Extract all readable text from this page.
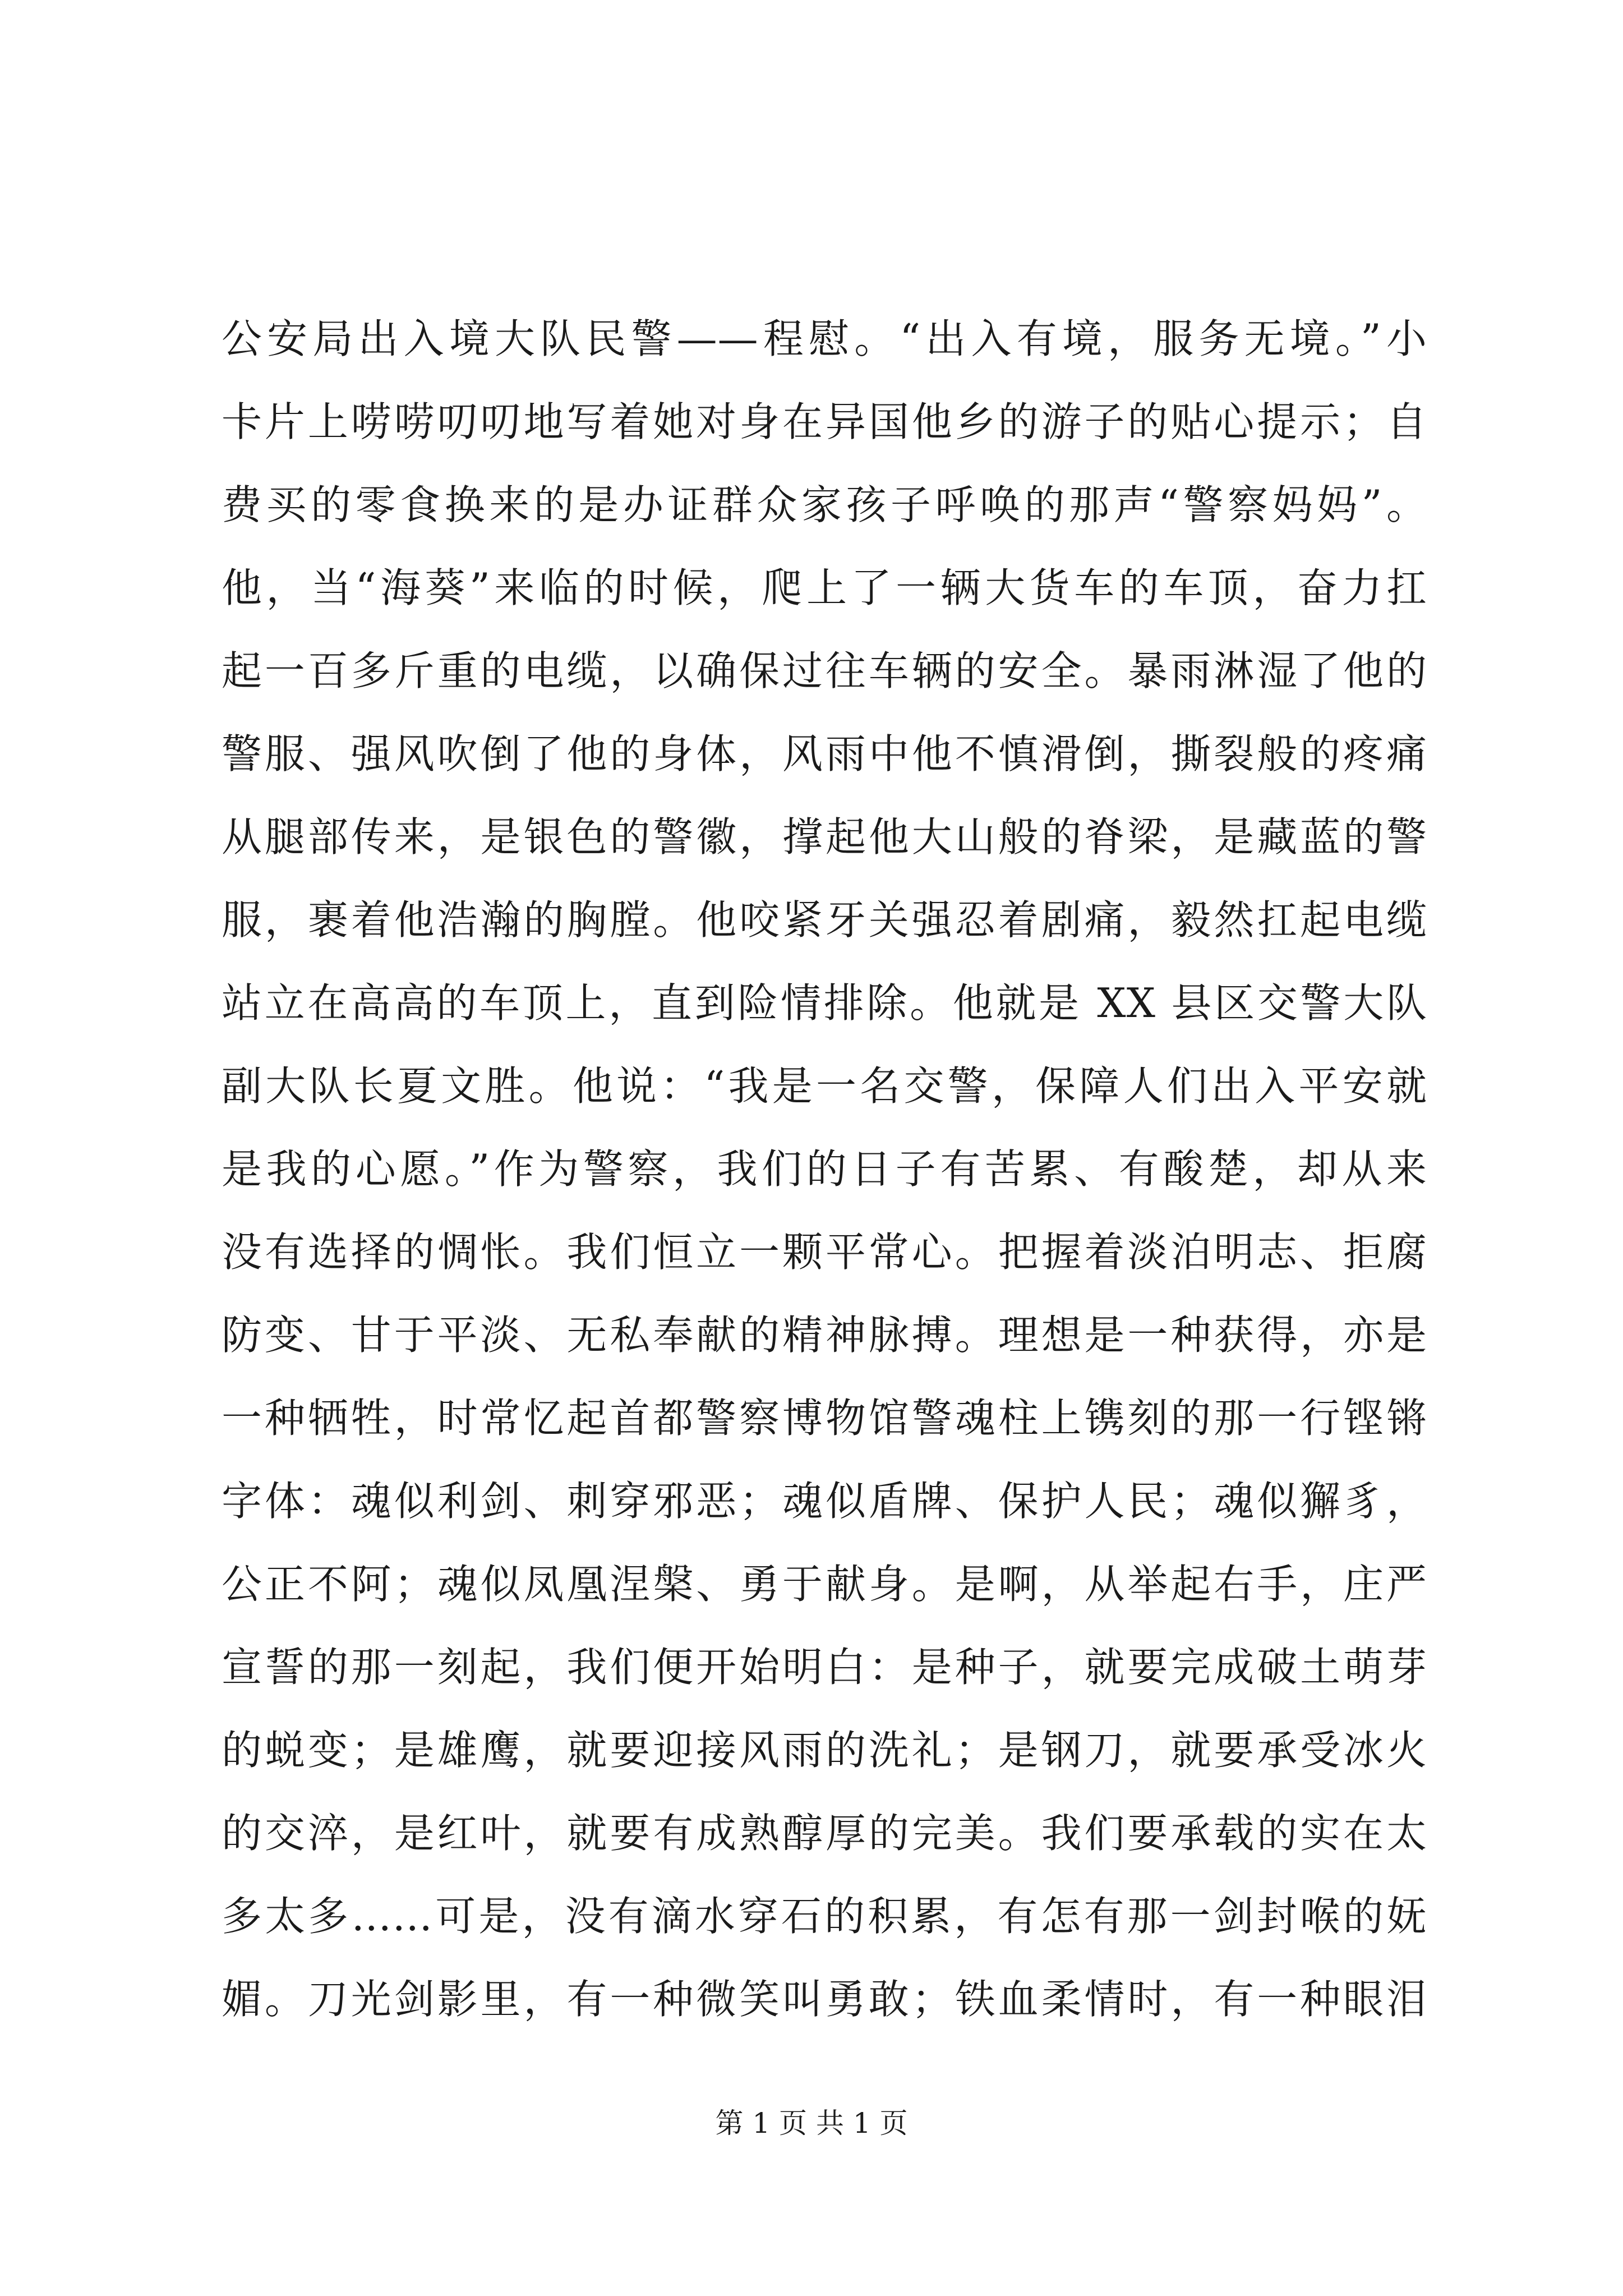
公安局出入境大队民警——程慰。“出入有境，服务无境。”小
卡片上唠唠叨叨地写着她对身在异国他乡的游子的贴心提示；自
费买的零食换来的是办证群众家孩子呼唤的那声“警察妈妈”。
他，当“海葵”来临的时候，爬上了一辆大货车的车顶，奋力扛
起一百多斤重的电缆，以确保过往车辆的安全。暴雨淋湿了他的
警服、强风吹倒了他的身体，风雨中他不慎滑倒，撕裂般的疼痛
从腿部传来，是银色的警徽，撑起他大山般的脊梁，是藏蓝的警
服，裹着他浩瀚的胸膛。他咬紧牙关强忍着剧痛，毅然扛起电缆
站立在高高的车顶上，直到险情排除。他就是 XX 县区交警大队
副大队长夏文胜。他说：“我是一名交警，保障人们出入平安就
是我的心愿。”作为警察，我们的日子有苦累、有酸楚，却从来
没有选择的惆怅。我们恒立一颗平常心。把握着淡泊明志、拒腐
防变、甘于平淡、无私奉献的精神脉搏。理想是一种获得，亦是
一种牺牲，时常忆起首都警察博物馆警魂柱上镌刻的那一行铿锵
字体：魂似利剑、刺穿邪恶；魂似盾牌、保护人民；魂似獬豸，
公正不阿；魂似凤凰涅槃、勇于献身。是啊，从举起右手，庄严
宣誓的那一刻起，我们便开始明白：是种子，就要完成破土萌芽
的蜕变；是雄鹰，就要迎接风雨的洗礼；是钢刀，就要承受冰火
的交淬，是红叶，就要有成熟醇厚的完美。我们要承载的实在太
多太多……可是，没有滴水穿石的积累，有怎有那一剑封喉的妩
媚。刀光剑影里，有一种微笑叫勇敢；铁血柔情时，有一种眼泪
第 1 页 共 1 页
